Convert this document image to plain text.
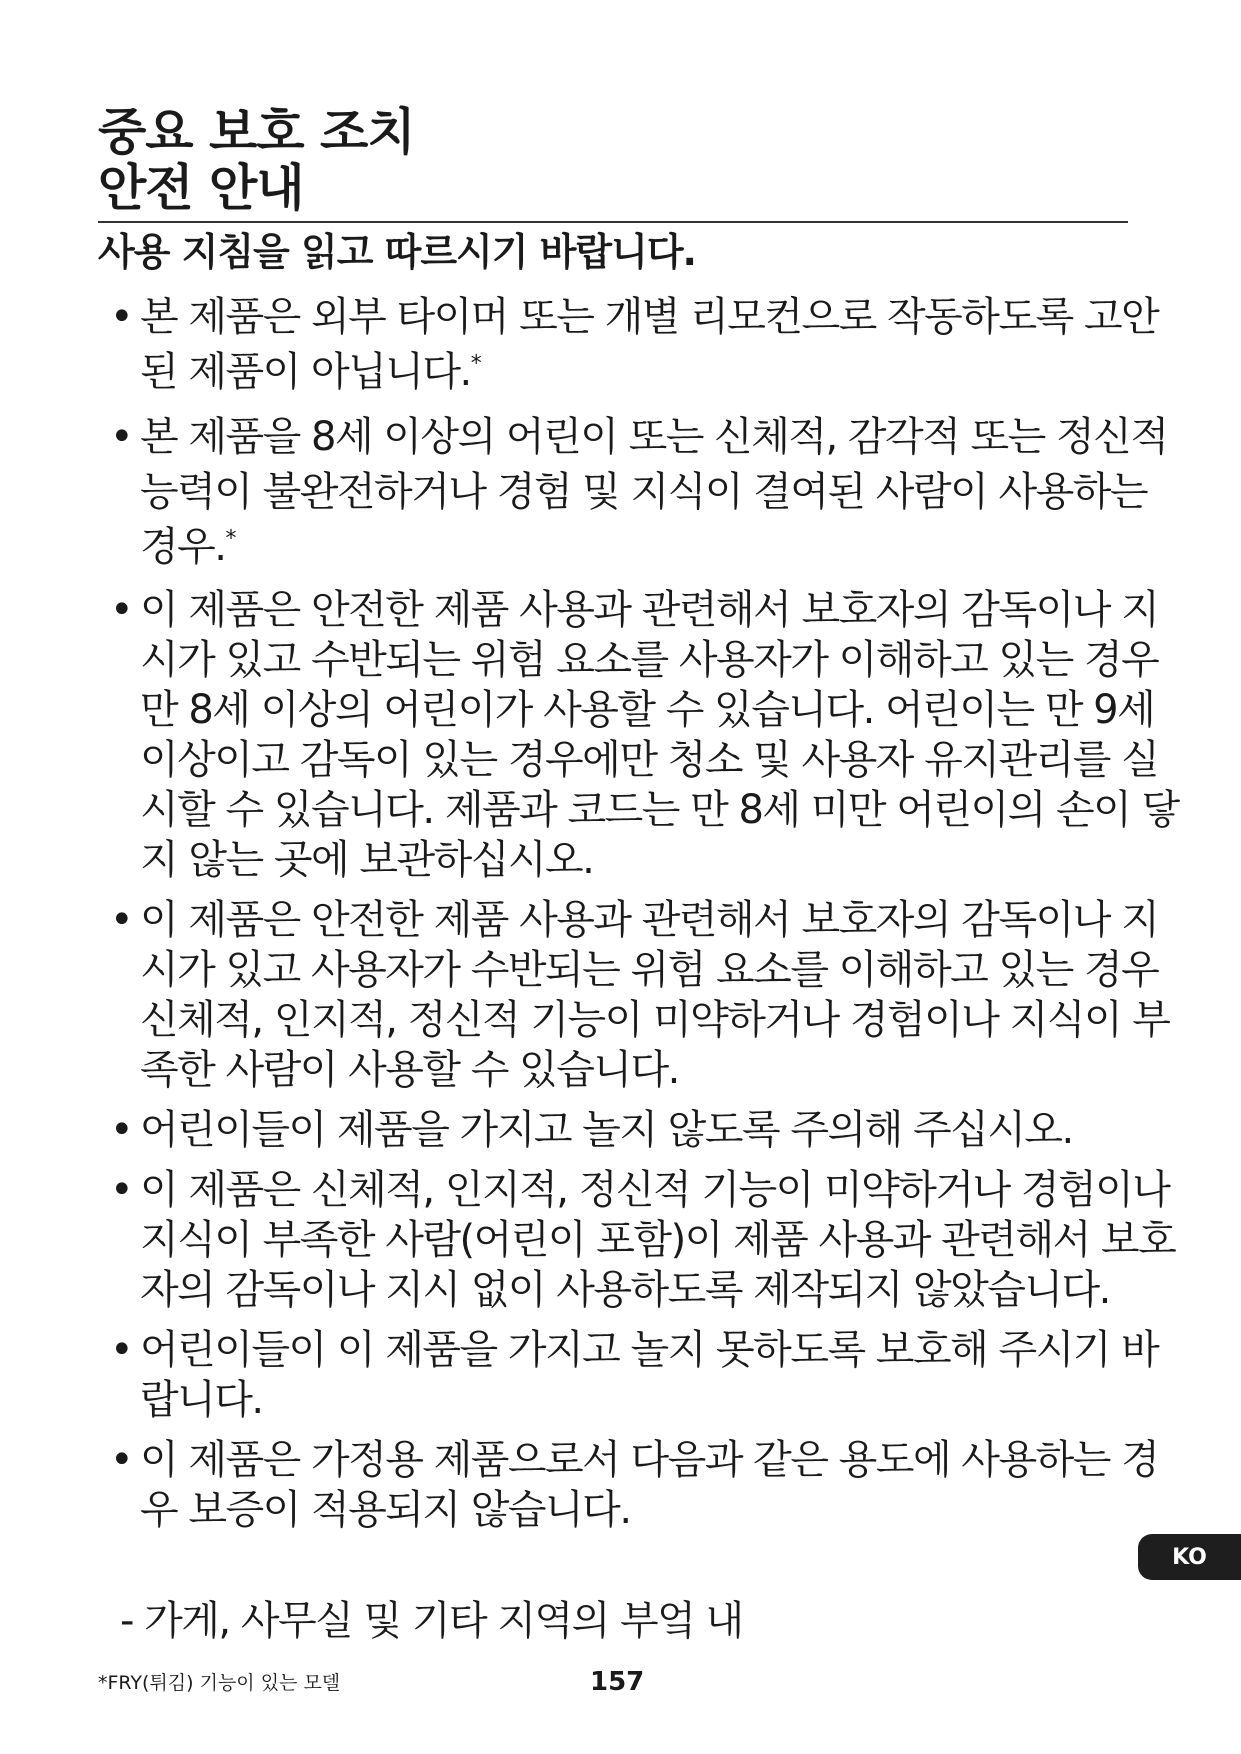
중요 보호 조치
안전 안내
사용 지침을 읽고 따르시기 바랍니다.
• 본 제품은 외부 타이머 또는 개별 리모컨으로 작동하도록 고안된 제품이 아닙니다.*
• 본 제품을 8세 이상의 어린이 또는 신체적, 감각적 또는 정신적 능력이 불완전하거나 경험 및 지식이 결여된 사람이 사용하는 경우.*
• 이 제품은 안전한 제품 사용과 관련해서 보호자의 감독이나 지시가 있고 수반되는 위험 요소를 사용자가 이해하고 있는 경우 만 8세 이상의 어린이가 사용할 수 있습니다. 어린이는 만 9세 이상이고 감독이 있는 경우에만 청소 및 사용자 유지관리를 실시할 수 있습니다. 제품과 코드는 만 8세 미만 어린이의 손이 닿지 않는 곳에 보관하십시오.
• 이 제품은 안전한 제품 사용과 관련해서 보호자의 감독이나 지시가 있고 사용자가 수반되는 위험 요소를 이해하고 있는 경우 신체적, 인지적, 정신적 기능이 미약하거나 경험이나 지식이 부족한 사람이 사용할 수 있습니다.
• 어린이들이 제품을 가지고 놀지 않도록 주의해 주십시오.
• 이 제품은 신체적, 인지적, 정신적 기능이 미약하거나 경험이나 지식이 부족한 사람(어린이 포함)이 제품 사용과 관련해서 보호자의 감독이나 지시 없이 사용하도록 제작되지 않았습니다.
• 어린이들이 이 제품을 가지고 놀지 못하도록 보호해 주시기 바랍니다.
• 이 제품은 가정용 제품으로서 다음과 같은 용도에 사용하는 경우 보증이 적용되지 않습니다.
- 가게, 사무실 및 기타 지역의 부엌 내
*FRY(튀김) 기능이 있는 모델	157
KO
